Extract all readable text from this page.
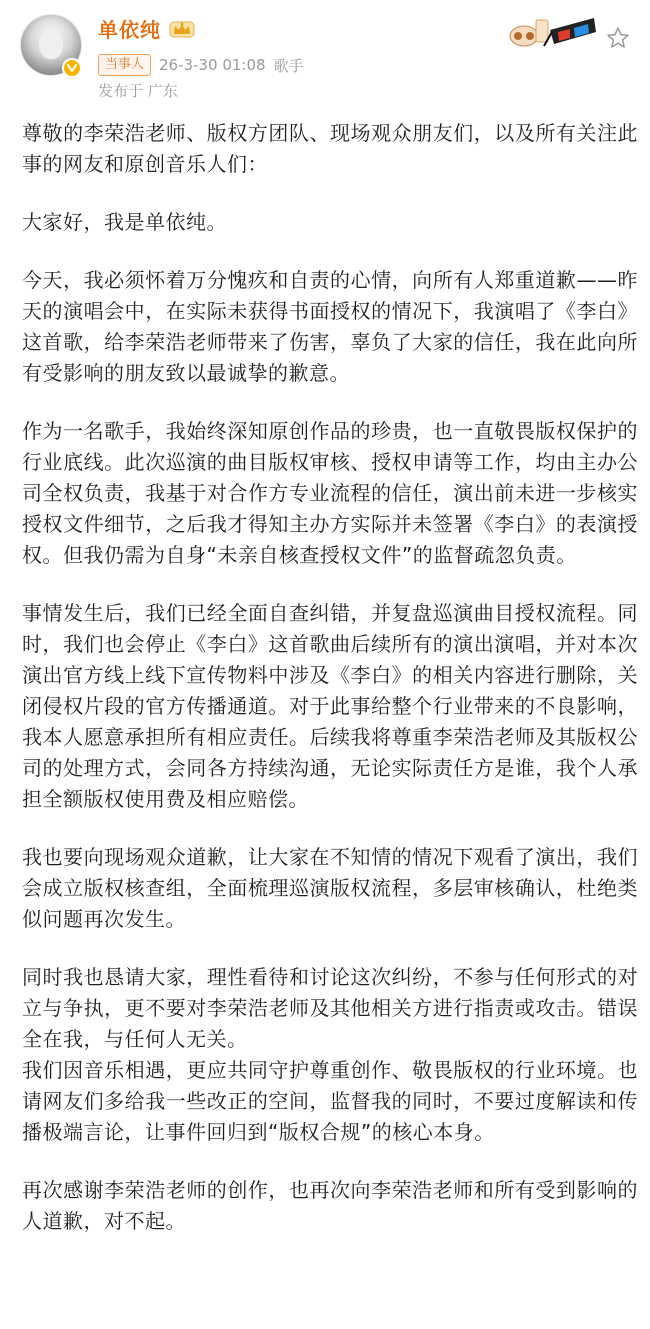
单依纯
当事人	26-3-30 01:08 歌手
发布于 广东

尊敬的李荣浩老师、版权方团队、现场观众朋友们，以及所有关注此事的网友和原创音乐人们：

大家好，我是单依纯。

今天，我必须怀着万分愧疚和自责的心情，向所有人郑重道歉——昨天的演唱会中，在实际未获得书面授权的情况下，我演唱了《李白》这首歌，给李荣浩老师带来了伤害，辜负了大家的信任，我在此向所有受影响的朋友致以最诚挚的歉意。

作为一名歌手，我始终深知原创作品的珍贵，也一直敬畏版权保护的行业底线。此次巡演的曲目版权审核、授权申请等工作，均由主办公司全权负责，我基于对合作方专业流程的信任，演出前未进一步核实授权文件细节，之后我才得知主办方实际并未签署《李白》的表演授权。但我仍需为自身“未亲自核查授权文件”的监督疏忽负责。

事情发生后，我们已经全面自查纠错，并复盘巡演曲目授权流程。同时，我们也会停止《李白》这首歌曲后续所有的演出演唱，并对本次演出官方线上线下宣传物料中涉及《李白》的相关内容进行删除，关闭侵权片段的官方传播通道。对于此事给整个行业带来的不良影响，我本人愿意承担所有相应责任。后续我将尊重李荣浩老师及其版权公司的处理方式，会同各方持续沟通，无论实际责任方是谁，我个人承担全额版权使用费及相应赔偿。

我也要向现场观众道歉，让大家在不知情的情况下观看了演出，我们会成立版权核查组，全面梳理巡演版权流程，多层审核确认，杜绝类似问题再次发生。

同时我也恳请大家，理性看待和讨论这次纠纷，不参与任何形式的对立与争执，更不要对李荣浩老师及其他相关方进行指责或攻击。错误全在我，与任何人无关。

我们因音乐相遇，更应共同守护尊重创作、敬畏版权的行业环境。也请网友们多给我一些改正的空间，监督我的同时，不要过度解读和传播极端言论，让事件回归到“版权合规”的核心本身。

再次感谢李荣浩老师的创作，也再次向李荣浩老师和所有受到影响的人道歉，对不起。
